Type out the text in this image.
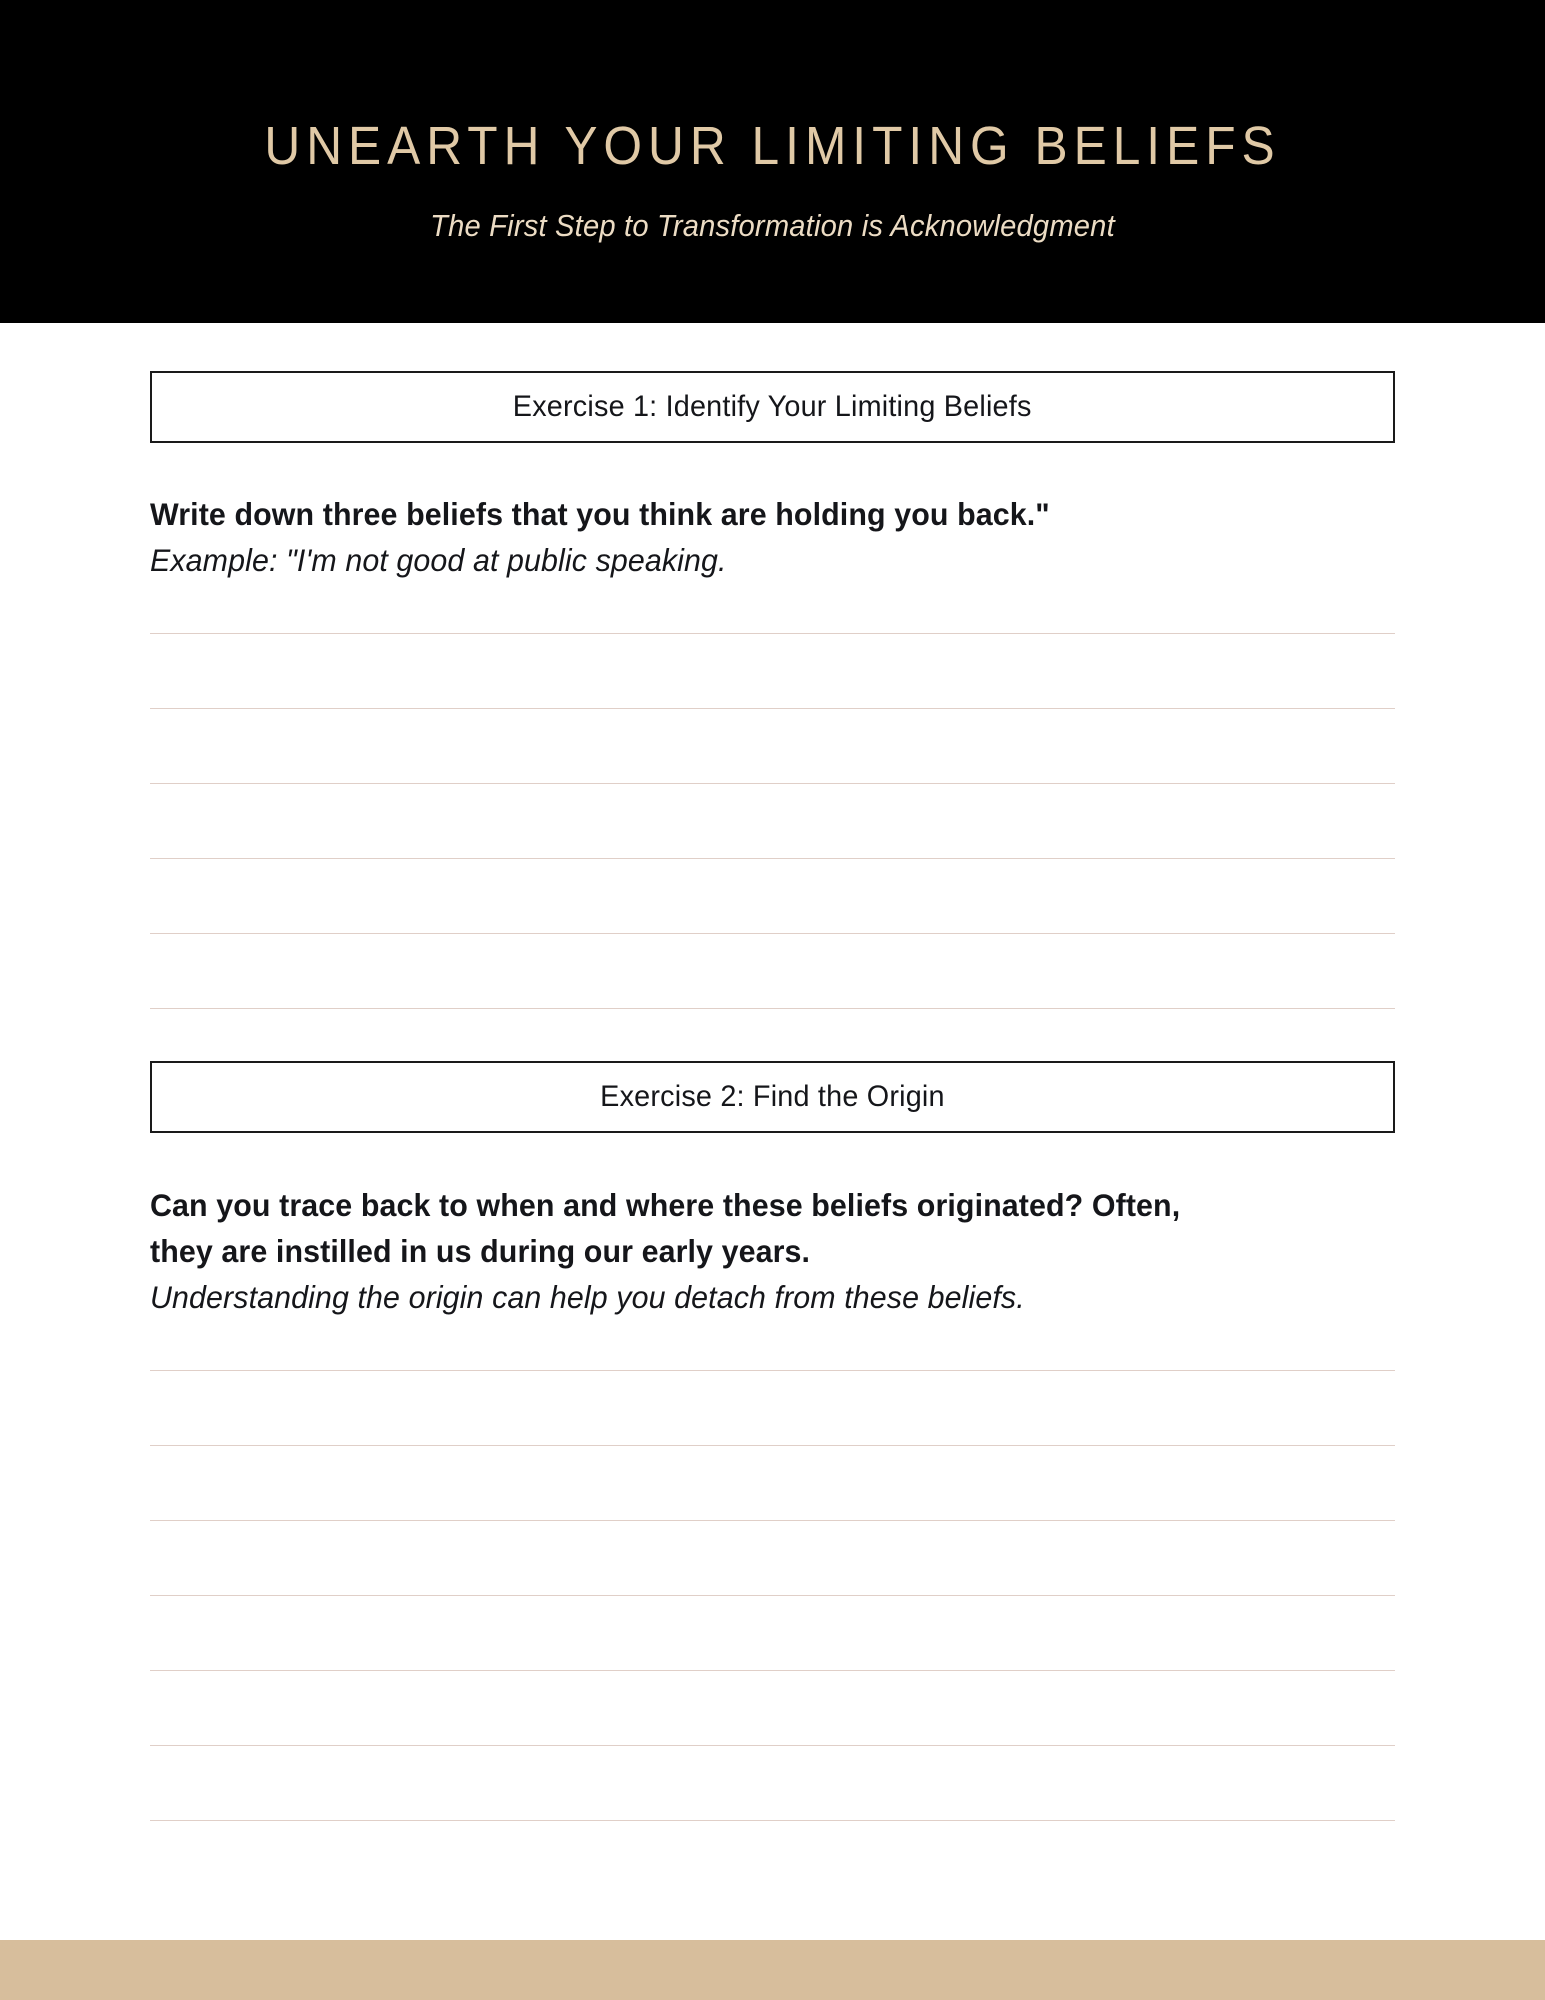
UNEARTH YOUR LIMITING BELIEFS
The First Step to Transformation is Acknowledgment
Exercise 1: Identify Your Limiting Beliefs
Write down three beliefs that you think are holding you back."
Example: "I'm not good at public speaking.
Exercise 2: Find the Origin
Can you trace back to when and where these beliefs originated? Often,
they are instilled in us during our early years.
Understanding the origin can help you detach from these beliefs.
